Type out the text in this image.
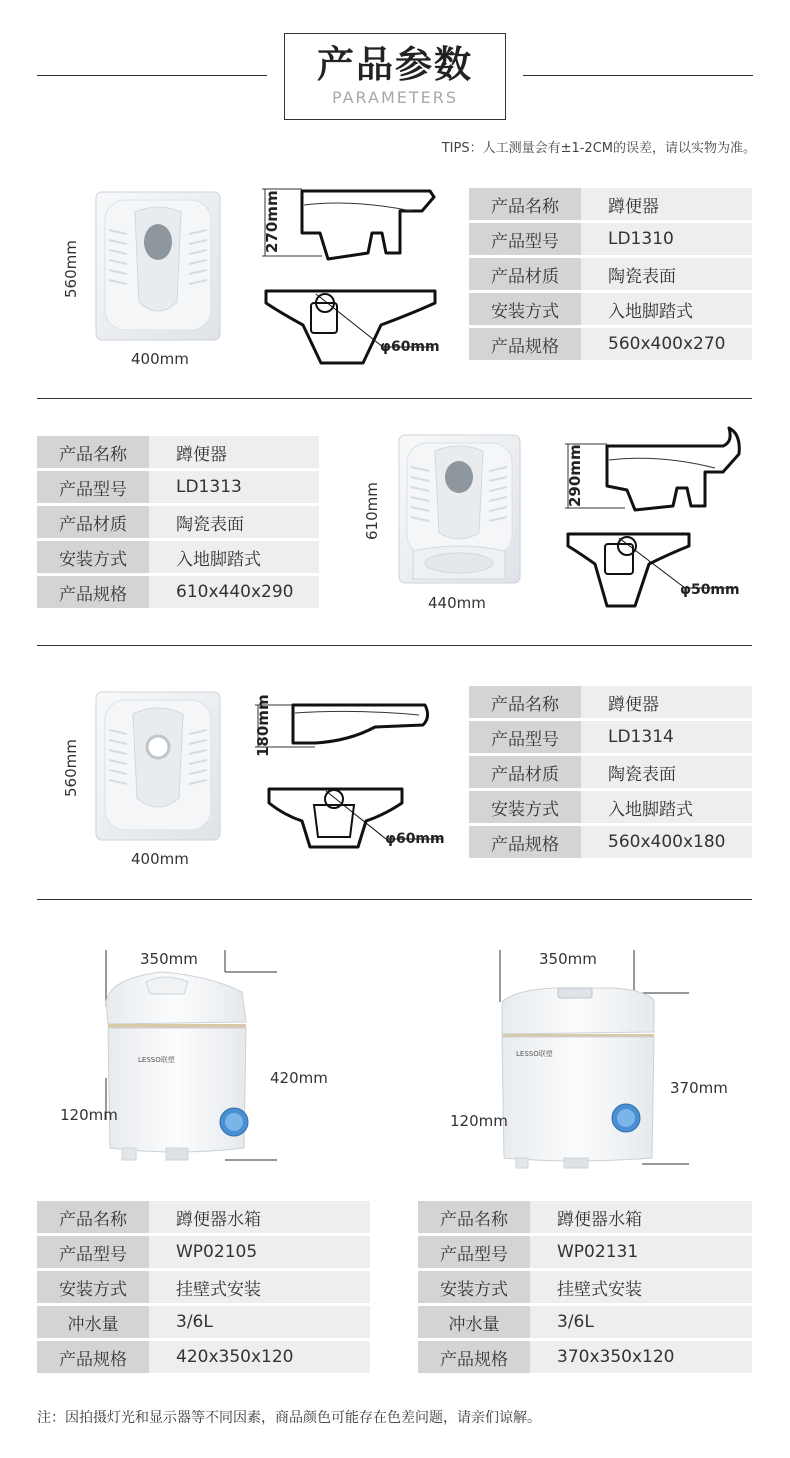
产品参数
PARAMETERS
TIPS：人工测量会有±1-2CM的误差，请以实物为准。
560mm
400mm
270mm
φ60mm
产品名称	蹲便器
产品型号	LD1310
产品材质	陶瓷表面
安装方式	入地脚踏式
产品规格	560x400x270
产品名称	蹲便器
产品型号	LD1313
产品材质	陶瓷表面
安装方式	入地脚踏式
产品规格	610x440x290
610mm
440mm
290mm
φ50mm
560mm
400mm
180mm
φ60mm
产品名称	蹲便器
产品型号	LD1314
产品材质	陶瓷表面
安装方式	入地脚踏式
产品规格	560x400x180
LESSO联塑
350mm
420mm
120mm
产品名称	蹲便器水箱
产品型号	WP02105
安装方式	挂壁式安装
冲水量	3/6L
产品规格	420x350x120
LESSO联塑
350mm
370mm
120mm
产品名称	蹲便器水箱
产品型号	WP02131
安装方式	挂壁式安装
冲水量	3/6L
产品规格	370x350x120
注：因拍摄灯光和显示器等不同因素，商品颜色可能存在色差问题，请亲们谅解。
